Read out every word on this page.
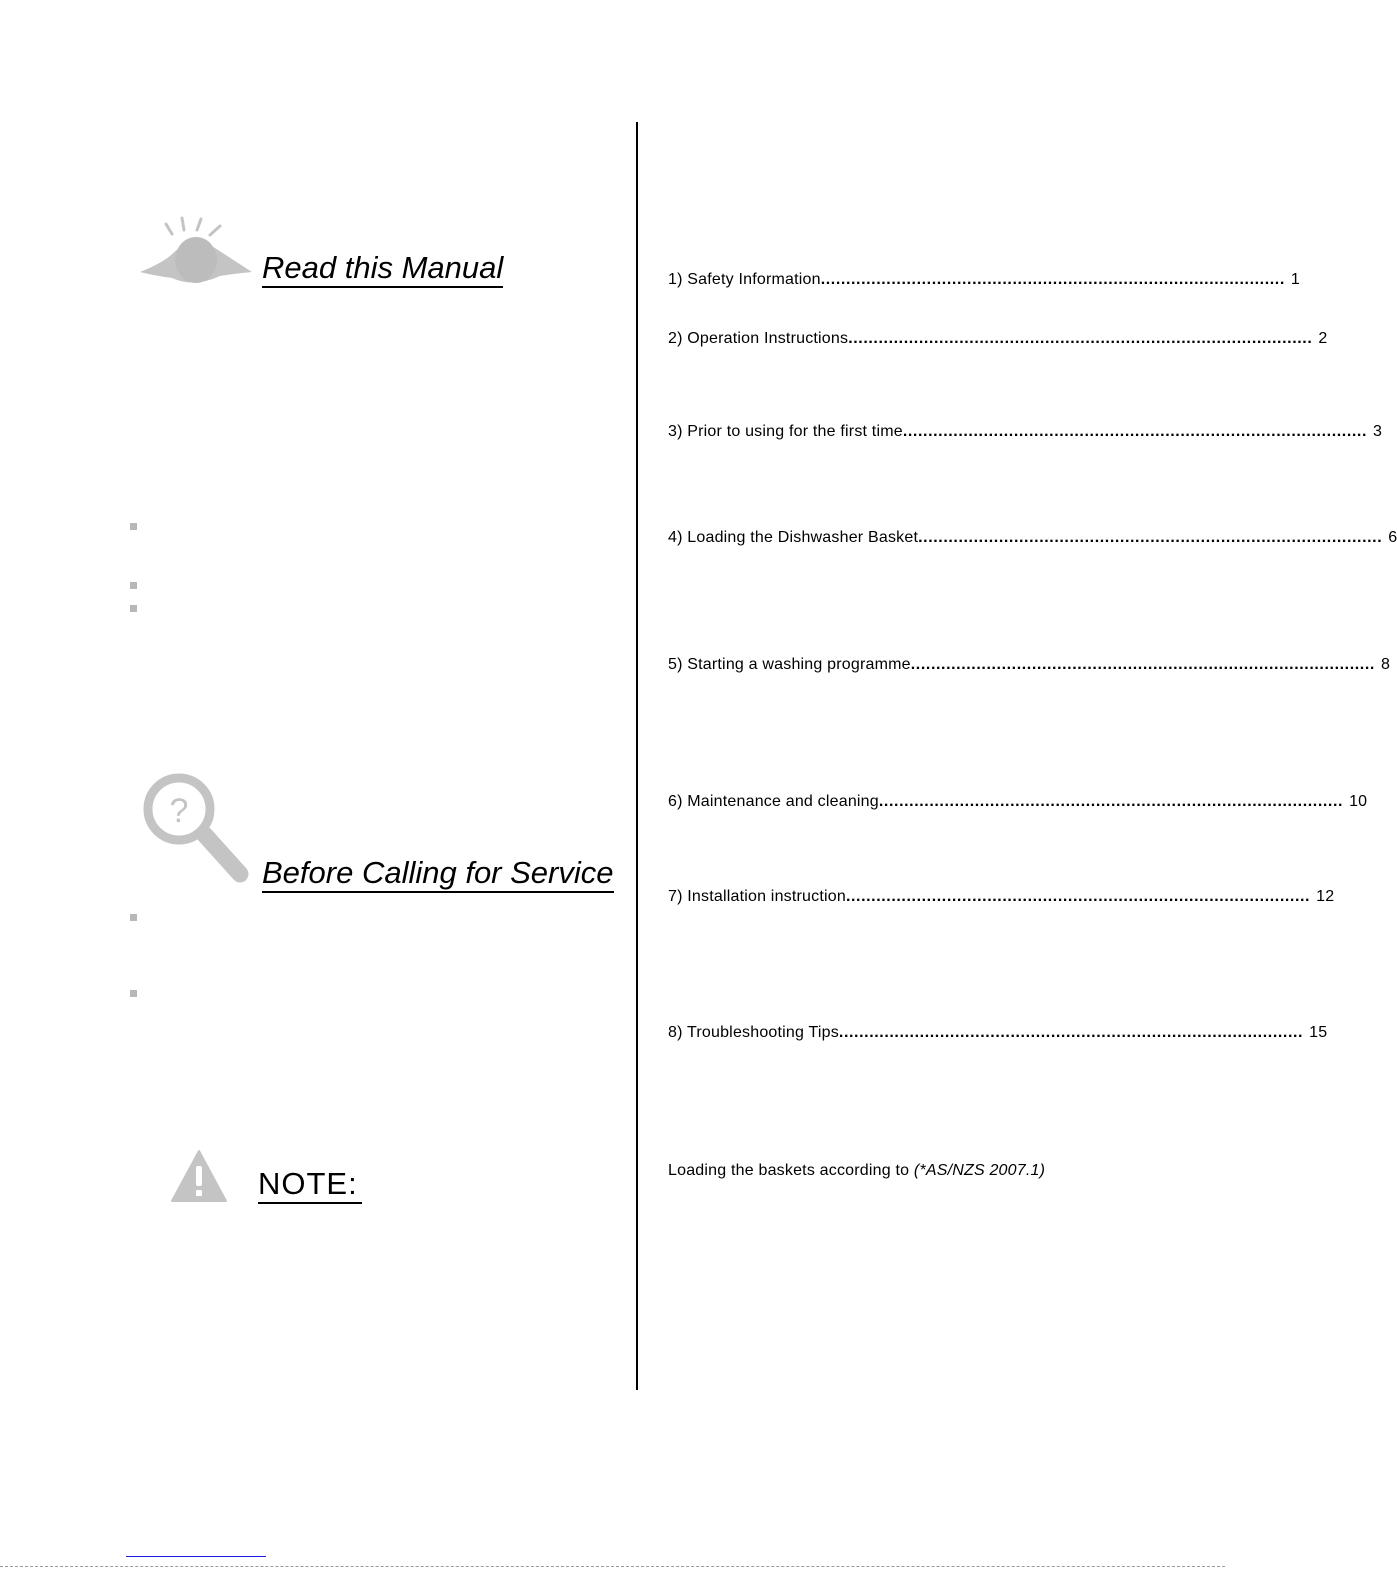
Read this Manual
?
Before Calling for Service
NOTE:
1) Safety Information ............................................................................................ 1
2) Operation Instructions ............................................................................................ 2
3) Prior to using for the first time ............................................................................................ 3
4) Loading the Dishwasher Basket ............................................................................................ 6
5) Starting a washing programme ............................................................................................ 8
6) Maintenance and cleaning ............................................................................................ 10
7) Installation instruction ............................................................................................ 12
8) Troubleshooting Tips ............................................................................................ 15
Loading the baskets according to (*AS/NZS 2007.1)
